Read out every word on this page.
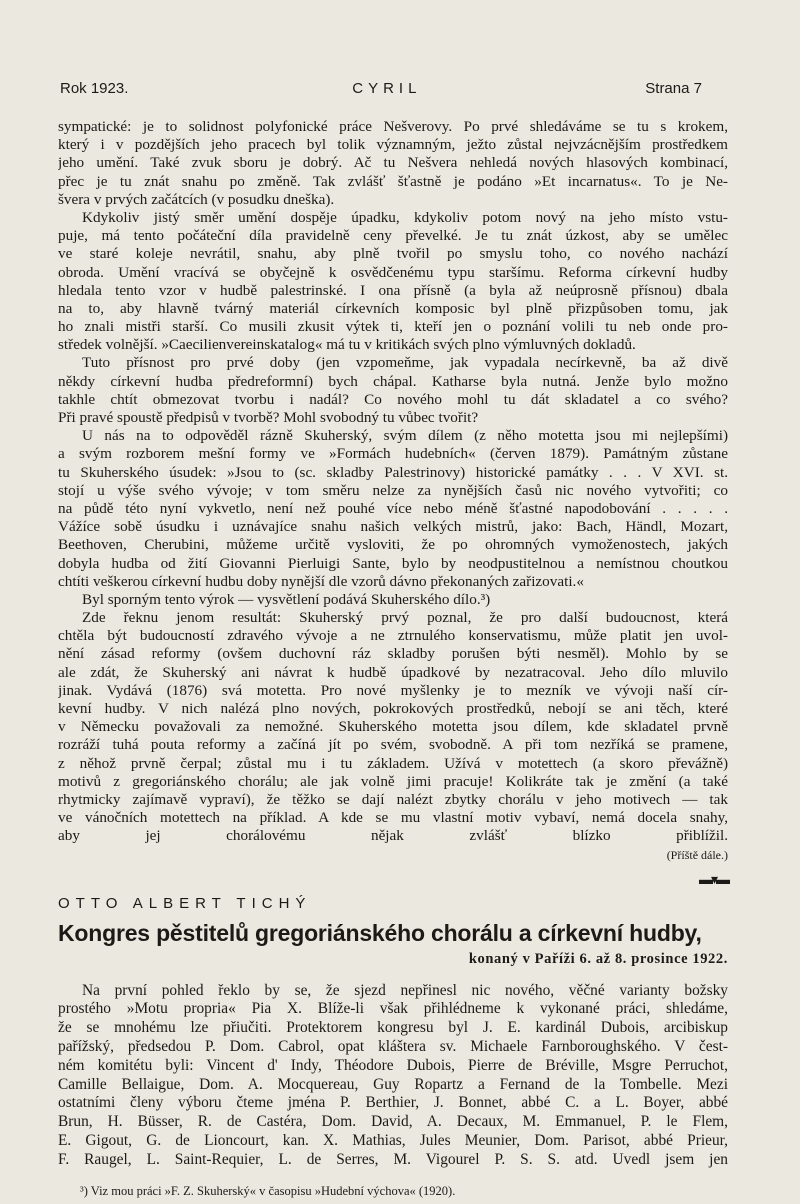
Rok 1923.	CYRIL	Strana 7
sympatické: je to solidnost polyfonické práce Nešverovy. Po prvé shledáváme se tu s krokem,
který i v pozdějších jeho pracech byl tolik významným, ježto zůstal nejvzácnějším prostředkem
jeho umění. Také zvuk sboru je dobrý. Ač tu Nešvera nehledá nových hlasových kombinací,
přec je tu znát snahu po změně. Tak zvlášť šťastně je podáno »Et incarnatus«. To je Ne-
švera v prvých začátcích (v posudku dneška).
Kdykoliv jistý směr umění dospěje úpadku, kdykoliv potom nový na jeho místo vstu-
puje, má tento počáteční díla pravidelně ceny převelké. Je tu znát úzkost, aby se umělec
ve staré koleje nevrátil, snahu, aby plně tvořil po smyslu toho, co nového nachází
obroda. Umění vracívá se obyčejně k osvědčenému typu staršímu. Reforma církevní hudby
hledala tento vzor v hudbě palestrinské. I ona přísně (a byla až neúprosně přísnou) dbala
na to, aby hlavně tvárný materiál církevních komposic byl plně přizpůsoben tomu, jak
ho znali mistři starší. Co musili zkusit výtek ti, kteří jen o poznání volili tu neb onde pro-
středek volnější. »Caecilienvereinskatalog« má tu v kritikách svých plno výmluvných dokladů.
Tuto přísnost pro prvé doby (jen vzpomeňme, jak vypadala necírkevně, ba až divě
někdy církevní hudba předreformní) bych chápal. Katharse byla nutná. Jenže bylo možno
takhle chtít obmezovat tvorbu i nadál? Co nového mohl tu dát skladatel a co svého?
Při pravé spoustě předpisů v tvorbě? Mohl svobodný tu vůbec tvořit?
U nás na to odpověděl rázně Skuherský, svým dílem (z něho motetta jsou mi nejlepšími)
a svým rozborem mešní formy ve »Formách hudebních« (červen 1879). Památným zůstane
tu Skuherského úsudek: »Jsou to (sc. skladby Palestrinovy) historické památky . . . V XVI. st.
stojí u výše svého vývoje; v tom směru nelze za nynějších časů nic nového vytvořiti; co
na půdě této nyní vykvetlo, není než pouhé více nebo méně šťastné napodobování . . . . .
Vážíce sobě úsudku i uznávajíce snahu našich velkých mistrů, jako: Bach, Händl, Mozart,
Beethoven, Cherubini, můžeme určitě vysloviti, že po ohromných vymoženostech, jakých
dobyla hudba od žití Giovanni Pierluigi Sante, bylo by neodpustitelnou a nemístnou choutkou
chtíti veškerou církevní hudbu doby nynější dle vzorů dávno překonaných zařizovati.«
Byl sporným tento výrok — vysvětlení podává Skuherského dílo.³)
Zde řeknu jenom resultát: Skuherský prvý poznal, že pro další budoucnost, která
chtěla být budoucností zdravého vývoje a ne ztrnulého konservatismu, může platit jen uvol-
nění zásad reformy (ovšem duchovní ráz skladby porušen býti nesměl). Mohlo by se
ale zdát, že Skuherský ani návrat k hudbě úpadkové by nezatracoval. Jeho dílo mluvilo
jinak. Vydává (1876) svá motetta. Pro nové myšlenky je to mezník ve vývoji naší cír-
kevní hudby. V nich nalézá plno nových, pokrokových prostředků, nebojí se ani těch, které
v Německu považovali za nemožné. Skuherského motetta jsou dílem, kde skladatel prvně
rozráží tuhá pouta reformy a začíná jít po svém, svobodně. A při tom nezříká se pramene,
z něhož prvně čerpal; zůstal mu i tu základem. Užívá v motettech (a skoro převážně)
motivů z gregoriánského chorálu; ale jak volně jimi pracuje! Kolikráte tak je změní (a také
rhytmicky zajímavě vypraví), že těžko se dají nalézt zbytky chorálu v jeho motivech — tak
ve vánočních motettech na příklad. A kde se mu vlastní motiv vybaví, nemá docela snahy,
aby jej chorálovému nějak zvlášť blízko přiblížil.
(Příště dále.)
▬▾▬
OTTO ALBERT TICHÝ
Kongres pěstitelů gregoriánského chorálu a církevní hudby,
konaný v Paříži 6. až 8. prosince 1922.
Na první pohled řeklo by se, že sjezd nepřinesl nic nového, věčné varianty božsky
prostého »Motu propria« Pia X. Blíže-li však přihlédneme k vykonané práci, shledáme,
že se mnohému lze přiučiti. Protektorem kongresu byl J. E. kardinál Dubois, arcibiskup
pařížský, předsedou P. Dom. Cabrol, opat kláštera sv. Michaele Farnboroughského. V čest-
ném komitétu byli: Vincent d' Indy, Théodore Dubois, Pierre de Bréville, Msgre Perruchot,
Camille Bellaigue, Dom. A. Mocquereau, Guy Ropartz a Fernand de la Tombelle. Mezi
ostatními členy výboru čteme jména P. Berthier, J. Bonnet, abbé C. a L. Boyer, abbé
Brun, H. Büsser, R. de Castéra, Dom. David, A. Decaux, M. Emmanuel, P. le Flem,
E. Gigout, G. de Lioncourt, kan. X. Mathias, Jules Meunier, Dom. Parisot, abbé Prieur,
F. Raugel, L. Saint-Requier, L. de Serres, M. Vigourel P. S. S. atd. Uvedl jsem jen
³) Viz mou práci »F. Z. Skuherský« v časopisu »Hudební výchova« (1920).
